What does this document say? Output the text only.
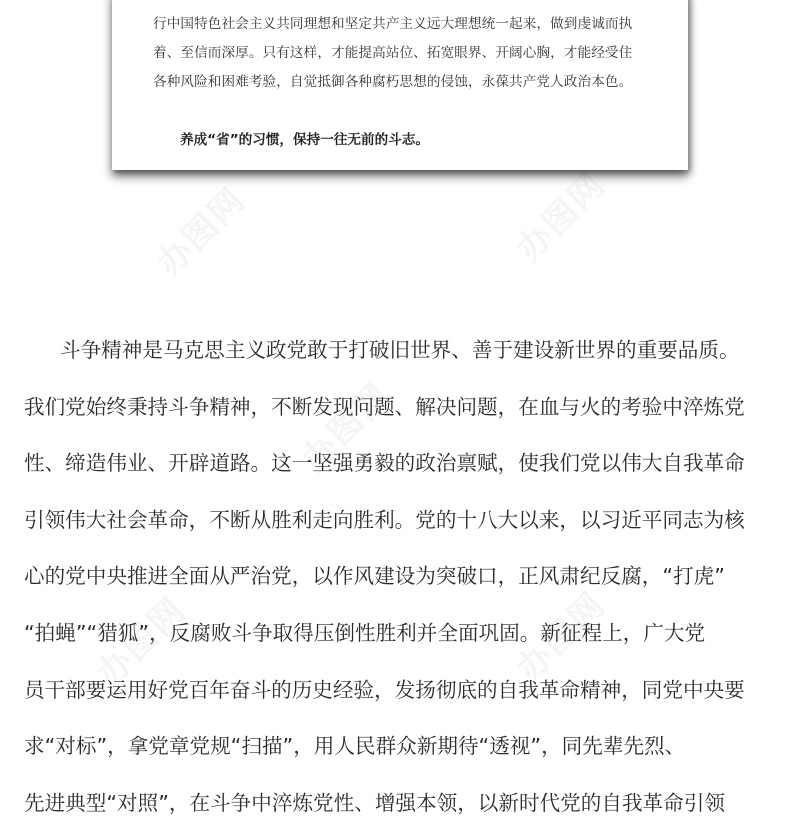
办图网	办图网
办图网
办图网	办图网
行中国特色社会主义共同理想和坚定共产主义远大理想统一起来，做到虔诚而执
着、至信而深厚。只有这样，才能提高站位、拓宽眼界、开阔心胸，才能经受住
各种风险和困难考验，自觉抵御各种腐朽思想的侵蚀，永葆共产党人政治本色。
养成“省”的习惯，保持一往无前的斗志。
斗争精神是马克思主义政党敢于打破旧世界、善于建设新世界的重要品质。
我们党始终秉持斗争精神，不断发现问题、解决问题，在血与火的考验中淬炼党
性、缔造伟业、开辟道路。这一坚强勇毅的政治禀赋，使我们党以伟大自我革命
引领伟大社会革命，不断从胜利走向胜利。党的十八大以来，以习近平同志为核
心的党中央推进全面从严治党，以作风建设为突破口，正风肃纪反腐，“打虎”
“拍蝇”“猎狐”，反腐败斗争取得压倒性胜利并全面巩固。新征程上，广大党
员干部要运用好党百年奋斗的历史经验，发扬彻底的自我革命精神，同党中央要
求“对标”，拿党章党规“扫描”，用人民群众新期待“透视”，同先辈先烈、
先进典型“对照”，在斗争中淬炼党性、增强本领，以新时代党的自我革命引领
